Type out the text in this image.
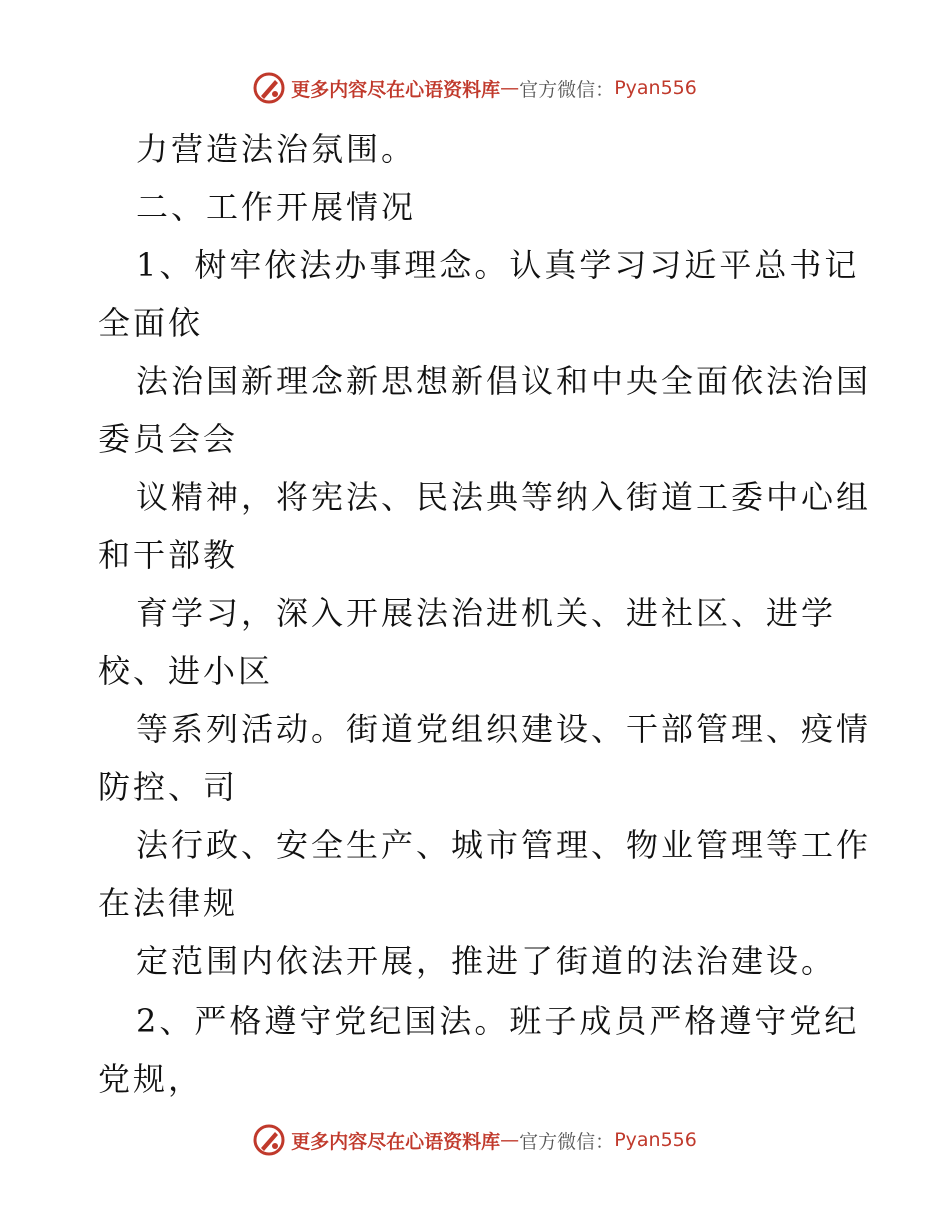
更多内容尽在心语资料库 — 官方微信： Pyan556
力营造法治氛围。
二、工作开展情况
1、树牢依法办事理念。认真学习习近平总书记
全面依
法治国新理念新思想新倡议和中央全面依法治国
委员会会
议精神，将宪法、民法典等纳入街道工委中心组
和干部教
育学习，深入开展法治进机关、进社区、进学
校、进小区
等系列活动。街道党组织建设、干部管理、疫情
防控、司
法行政、安全生产、城市管理、物业管理等工作
在法律规
定范围内依法开展，推进了街道的法治建设。
2、严格遵守党纪国法。班子成员严格遵守党纪
党规，
更多内容尽在心语资料库 — 官方微信： Pyan556
